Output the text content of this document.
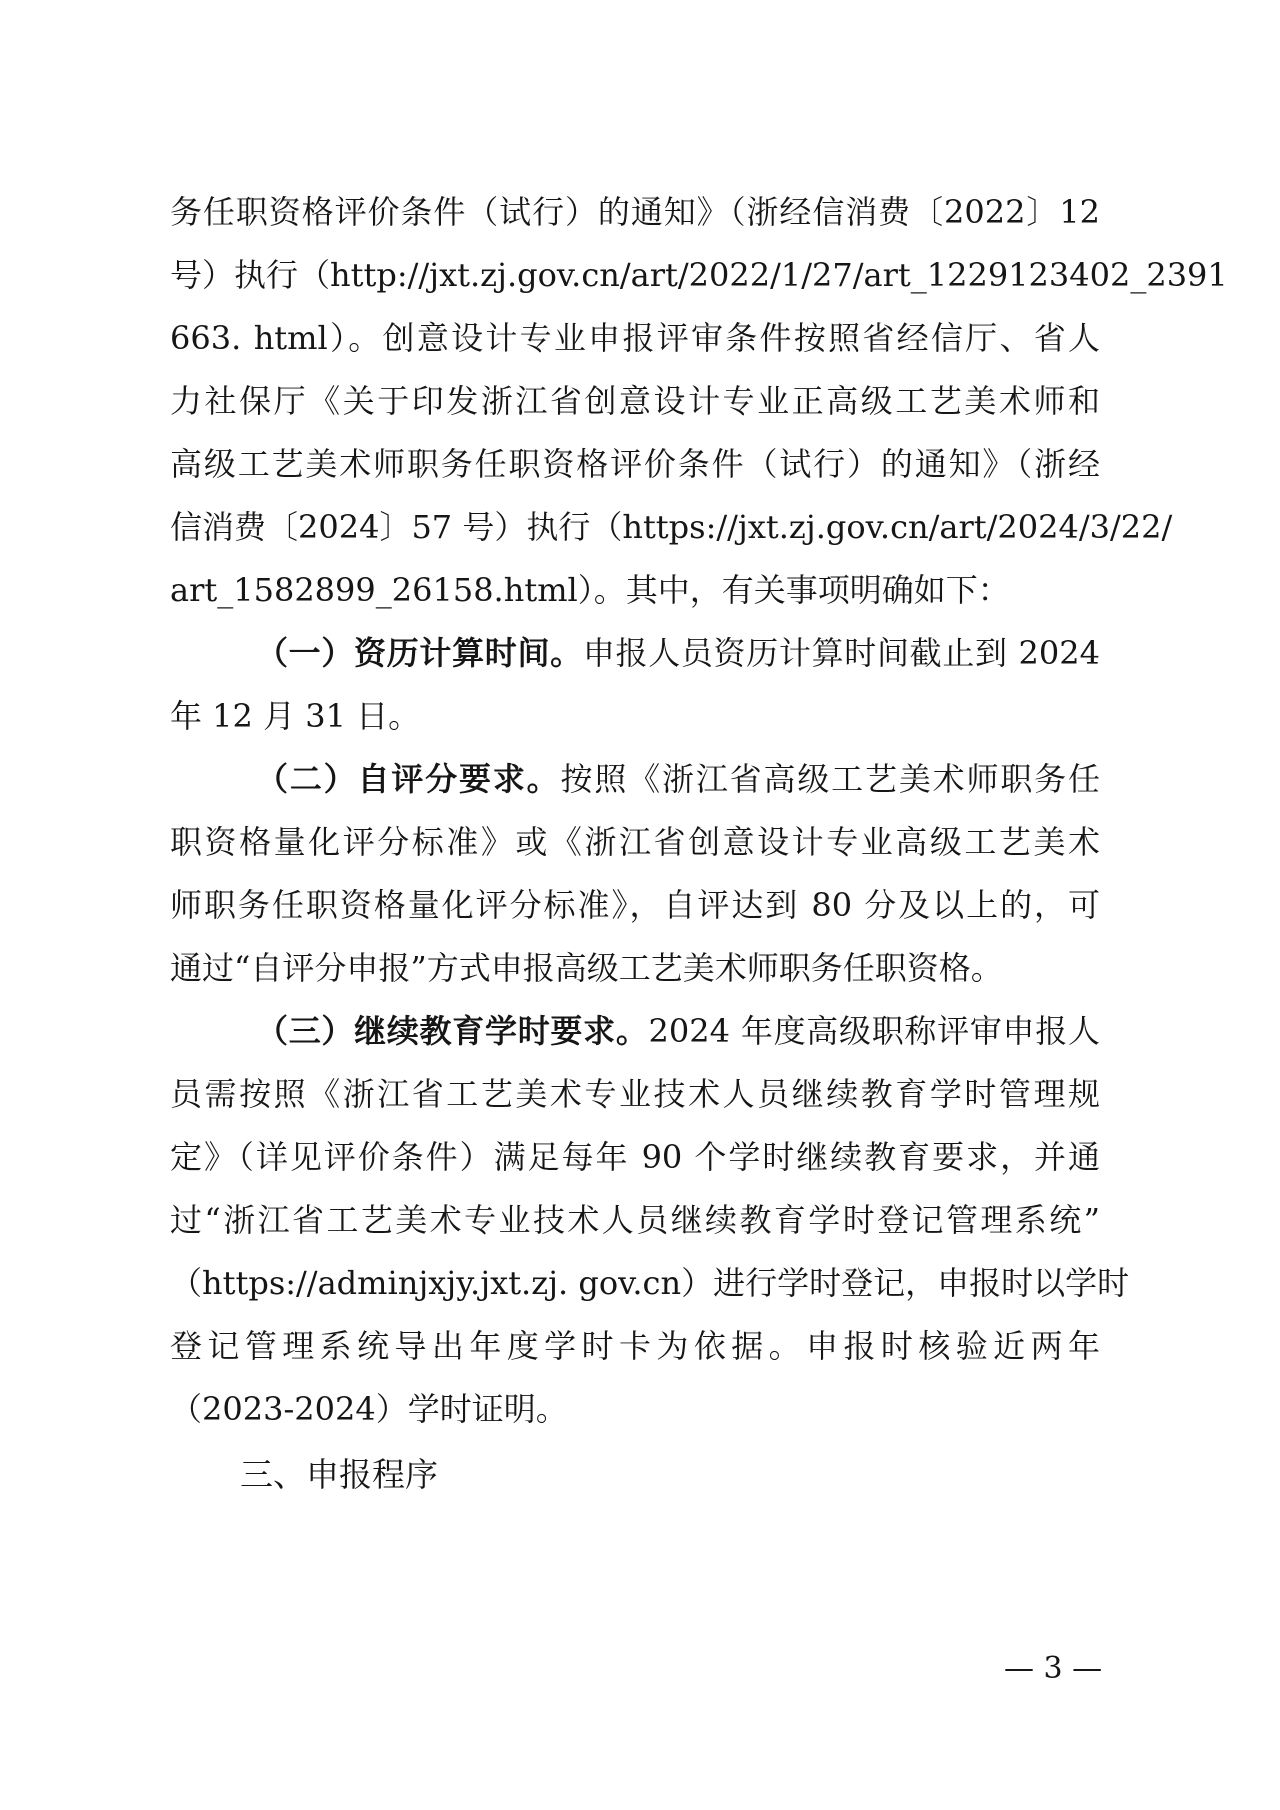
务任职资格评价条件（试行）的通知》（浙经信消费〔2022〕12
号）执行（http://jxt.zj.gov.cn/art/2022/1/27/art_1229123402_2391
663. html）。创意设计专业申报评审条件按照省经信厅、省人
力社保厅《关于印发浙江省创意设计专业正高级工艺美术师和
高级工艺美术师职务任职资格评价条件（试行）的通知》（浙经
信消费〔2024〕57 号）执行（https://jxt.zj.gov.cn/art/2024/3/22/
art_1582899_26158.html）。其中，有关事项明确如下：
（一）资历计算时间。申报人员资历计算时间截止到 2024
年 12 月 31 日。
（二）自评分要求。按照《浙江省高级工艺美术师职务任
职资格量化评分标准》或《浙江省创意设计专业高级工艺美术
师职务任职资格量化评分标准》，自评达到 80 分及以上的，可
通过“自评分申报”方式申报高级工艺美术师职务任职资格。
（三）继续教育学时要求。2024 年度高级职称评审申报人
员需按照《浙江省工艺美术专业技术人员继续教育学时管理规
定》（详见评价条件）满足每年 90 个学时继续教育要求，并通
过“浙江省工艺美术专业技术人员继续教育学时登记管理系统”
（https://adminjxjy.jxt.zj. gov.cn）进行学时登记，申报时以学时
登记管理系统导出年度学时卡为依据。申报时核验近两年
（2023-2024）学时证明。
三、申报程序
— 3 —
